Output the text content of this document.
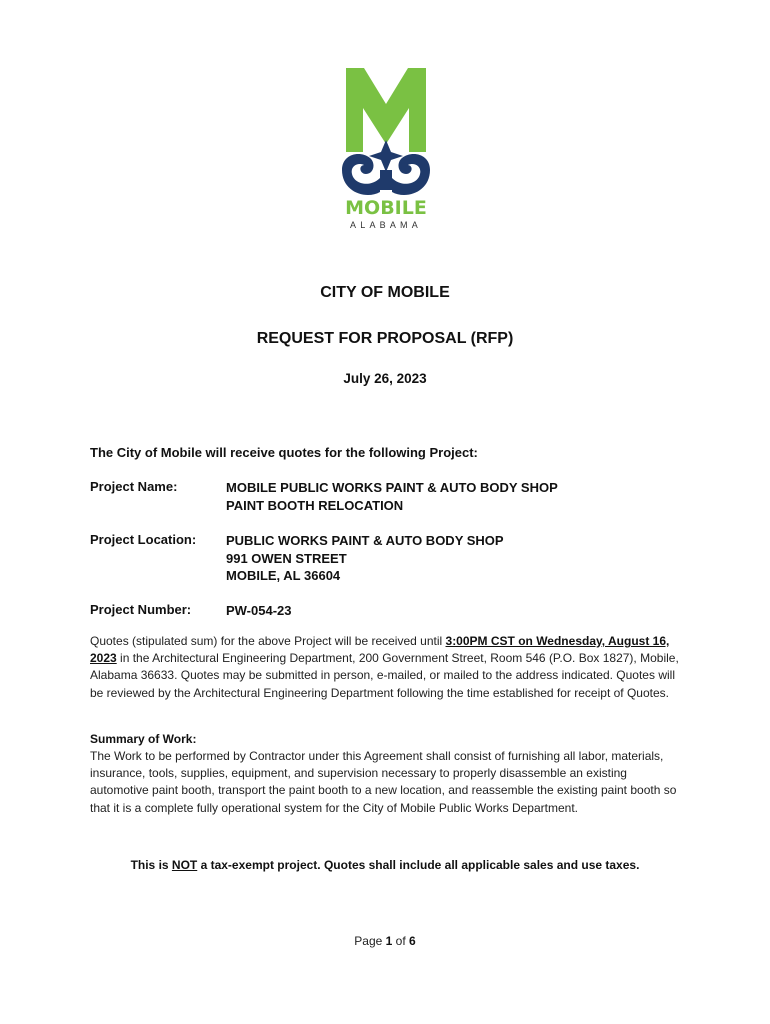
MOBILE
ALABAMA
CITY OF MOBILE
REQUEST FOR PROPOSAL (RFP)
July 26, 2023
The City of Mobile will receive quotes for the following Project:
Project Name:	MOBILE PUBLIC WORKS PAINT & AUTO BODY SHOP
PAINT BOOTH RELOCATION
Project Location: PUBLIC WORKS PAINT & AUTO BODY SHOP
991 OWEN STREET
MOBILE, AL 36604
Project Number:	PW-054-23
Quotes (stipulated sum) for the above Project will be received until 3:00PM CST on Wednesday, August 16, 2023 in the Architectural Engineering Department, 200 Government Street, Room 546 (P.O. Box 1827), Mobile, Alabama 36633. Quotes may be submitted in person, e-mailed, or mailed to the address indicated. Quotes will be reviewed by the Architectural Engineering Department following the time established for receipt of Quotes.
Summary of Work:
The Work to be performed by Contractor under this Agreement shall consist of furnishing all labor, materials, insurance, tools, supplies, equipment, and supervision necessary to properly disassemble an existing automotive paint booth, transport the paint booth to a new location, and reassemble the existing paint booth so that it is a complete fully operational system for the City of Mobile Public Works Department.
This is NOT a tax-exempt project. Quotes shall include all applicable sales and use taxes.
Page 1 of 6
